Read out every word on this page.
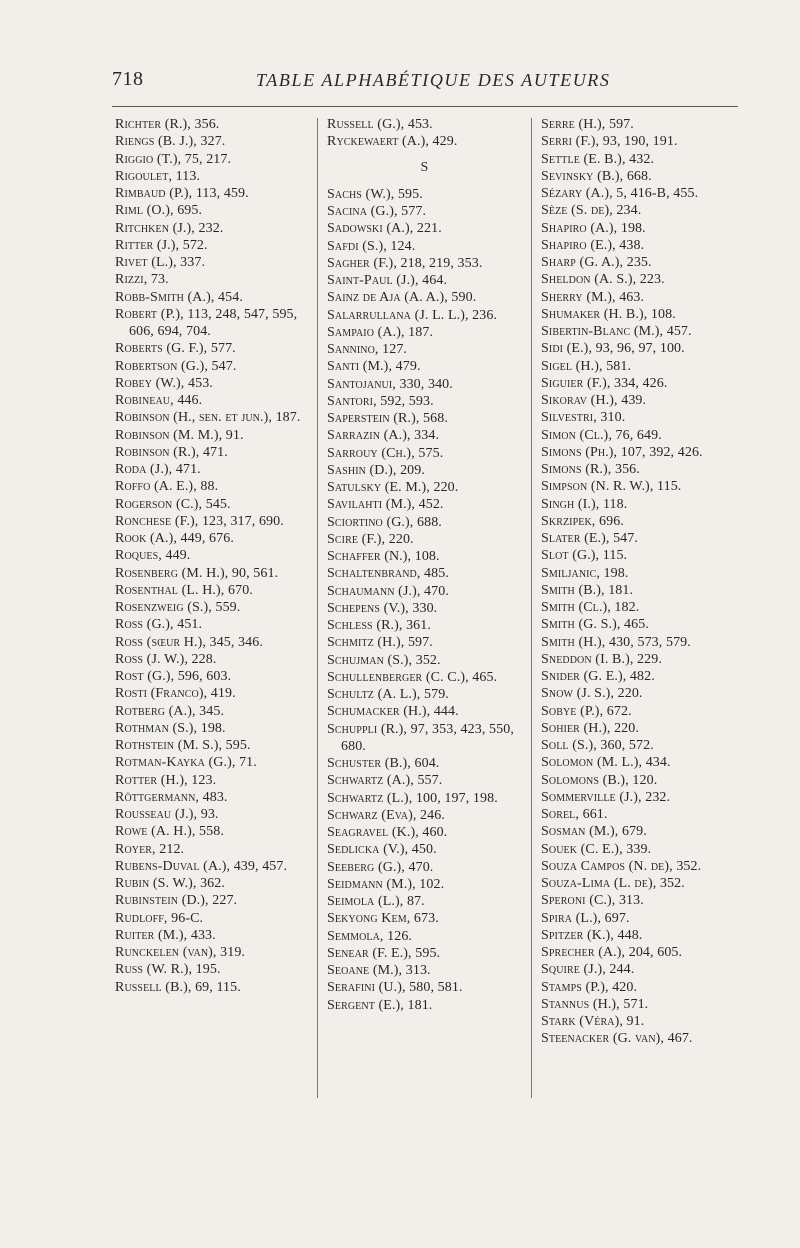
718	TABLE ALPHABÉTIQUE DES AUTEURS
Richter (R.), 356.
Riengs (B. J.), 327.
Riggio (T.), 75, 217.
Rigoulet, 113.
Rimbaud (P.), 113, 459.
Riml (O.), 695.
Ritchken (J.), 232.
Ritter (J.), 572.
Rivet (L.), 337.
Rizzi, 73.
Robb-Smith (A.), 454.
Robert (P.), 113, 248, 547, 595, 606, 694, 704.
Roberts (G. F.), 577.
Robertson (G.), 547.
Robey (W.), 453.
Robineau, 446.
Robinson (H., sen. et jun.), 187.
Robinson (M. M.), 91.
Robinson (R.), 471.
Roda (J.), 471.
Roffo (A. E.), 88.
Rogerson (C.), 545.
Ronchese (F.), 123, 317, 690.
Rook (A.), 449, 676.
Roques, 449.
Rosenberg (M. H.), 90, 561.
Rosenthal (L. H.), 670.
Rosenzweig (S.), 559.
Ross (G.), 451.
Ross (sœur H.), 345, 346.
Ross (J. W.), 228.
Rost (G.), 596, 603.
Rosti (Franco), 419.
Rotberg (A.), 345.
Rothman (S.), 198.
Rothstein (M. S.), 595.
Rotman-Kayka (G.), 71.
Rotter (H.), 123.
Röttgermann, 483.
Rousseau (J.), 93.
Rowe (A. H.), 558.
Royer, 212.
Rubens-Duval (A.), 439, 457.
Rubin (S. W.), 362.
Rubinstein (D.), 227.
Rudloff, 96-C.
Ruiter (M.), 433.
Runckelen (van), 319.
Russ (W. R.), 195.
Russell (B.), 69, 115.
Russell (G.), 453.
Ryckewaert (A.), 429.
S
Sachs (W.), 595.
Sacina (G.), 577.
Sadowski (A.), 221.
Safdi (S.), 124.
Sagher (F.), 218, 219, 353.
Saint-Paul (J.), 464.
Sainz de Aja (A. A.), 590.
Salarrullana (J. L. L.), 236.
Sampaio (A.), 187.
Sannino, 127.
Santi (M.), 479.
Santojanui, 330, 340.
Santori, 592, 593.
Saperstein (R.), 568.
Sarrazin (A.), 334.
Sarrouy (Ch.), 575.
Sashin (D.), 209.
Satulsky (E. M.), 220.
Savilahti (M.), 452.
Sciortino (G.), 688.
Scire (F.), 220.
Schaffer (N.), 108.
Schaltenbrand, 485.
Schaumann (J.), 470.
Schepens (V.), 330.
Schless (R.), 361.
Schmitz (H.), 597.
Schujman (S.), 352.
Schullenberger (C. C.), 465.
Schultz (A. L.), 579.
Schumacker (H.), 444.
Schuppli (R.), 97, 353, 423, 550, 680.
Schuster (B.), 604.
Schwartz (A.), 557.
Schwartz (L.), 100, 197, 198.
Schwarz (Eva), 246.
Seagravel (K.), 460.
Sedlicka (V.), 450.
Seeberg (G.), 470.
Seidmann (M.), 102.
Seimola (L.), 87.
Sekyong Kem, 673.
Semmola, 126.
Senear (F. E.), 595.
Seoane (M.), 313.
Serafini (U.), 580, 581.
Sergent (E.), 181.
Serre (H.), 597.
Serri (F.), 93, 190, 191.
Settle (E. B.), 432.
Sevinsky (B.), 668.
Sézary (A.), 5, 416-B, 455.
Sèze (S. de), 234.
Shapiro (A.), 198.
Shapiro (E.), 438.
Sharp (G. A.), 235.
Sheldon (A. S.), 223.
Sherry (M.), 463.
Shumaker (H. B.), 108.
Sibertin-Blanc (M.), 457.
Sidi (E.), 93, 96, 97, 100.
Sigel (H.), 581.
Siguier (F.), 334, 426.
Sikorav (H.), 439.
Silvestri, 310.
Simon (Cl.), 76, 649.
Simons (Ph.), 107, 392, 426.
Simons (R.), 356.
Simpson (N. R. W.), 115.
Singh (I.), 118.
Skrzipek, 696.
Slater (E.), 547.
Slot (G.), 115.
Smiljanic, 198.
Smith (B.), 181.
Smith (Cl.), 182.
Smith (G. S.), 465.
Smith (H.), 430, 573, 579.
Sneddon (I. B.), 229.
Snider (G. E.), 482.
Snow (J. S.), 220.
Sobye (P.), 672.
Sohier (H.), 220.
Soll (S.), 360, 572.
Solomon (M. L.), 434.
Solomons (B.), 120.
Sommerville (J.), 232.
Sorel, 661.
Sosman (M.), 679.
Souek (C. E.), 339.
Souza Campos (N. de), 352.
Souza-Lima (L. de), 352.
Speroni (C.), 313.
Spira (L.), 697.
Spitzer (K.), 448.
Sprecher (A.), 204, 605.
Squire (J.), 244.
Stamps (P.), 420.
Stannus (H.), 571.
Stark (Véra), 91.
Steenacker (G. van), 467.
